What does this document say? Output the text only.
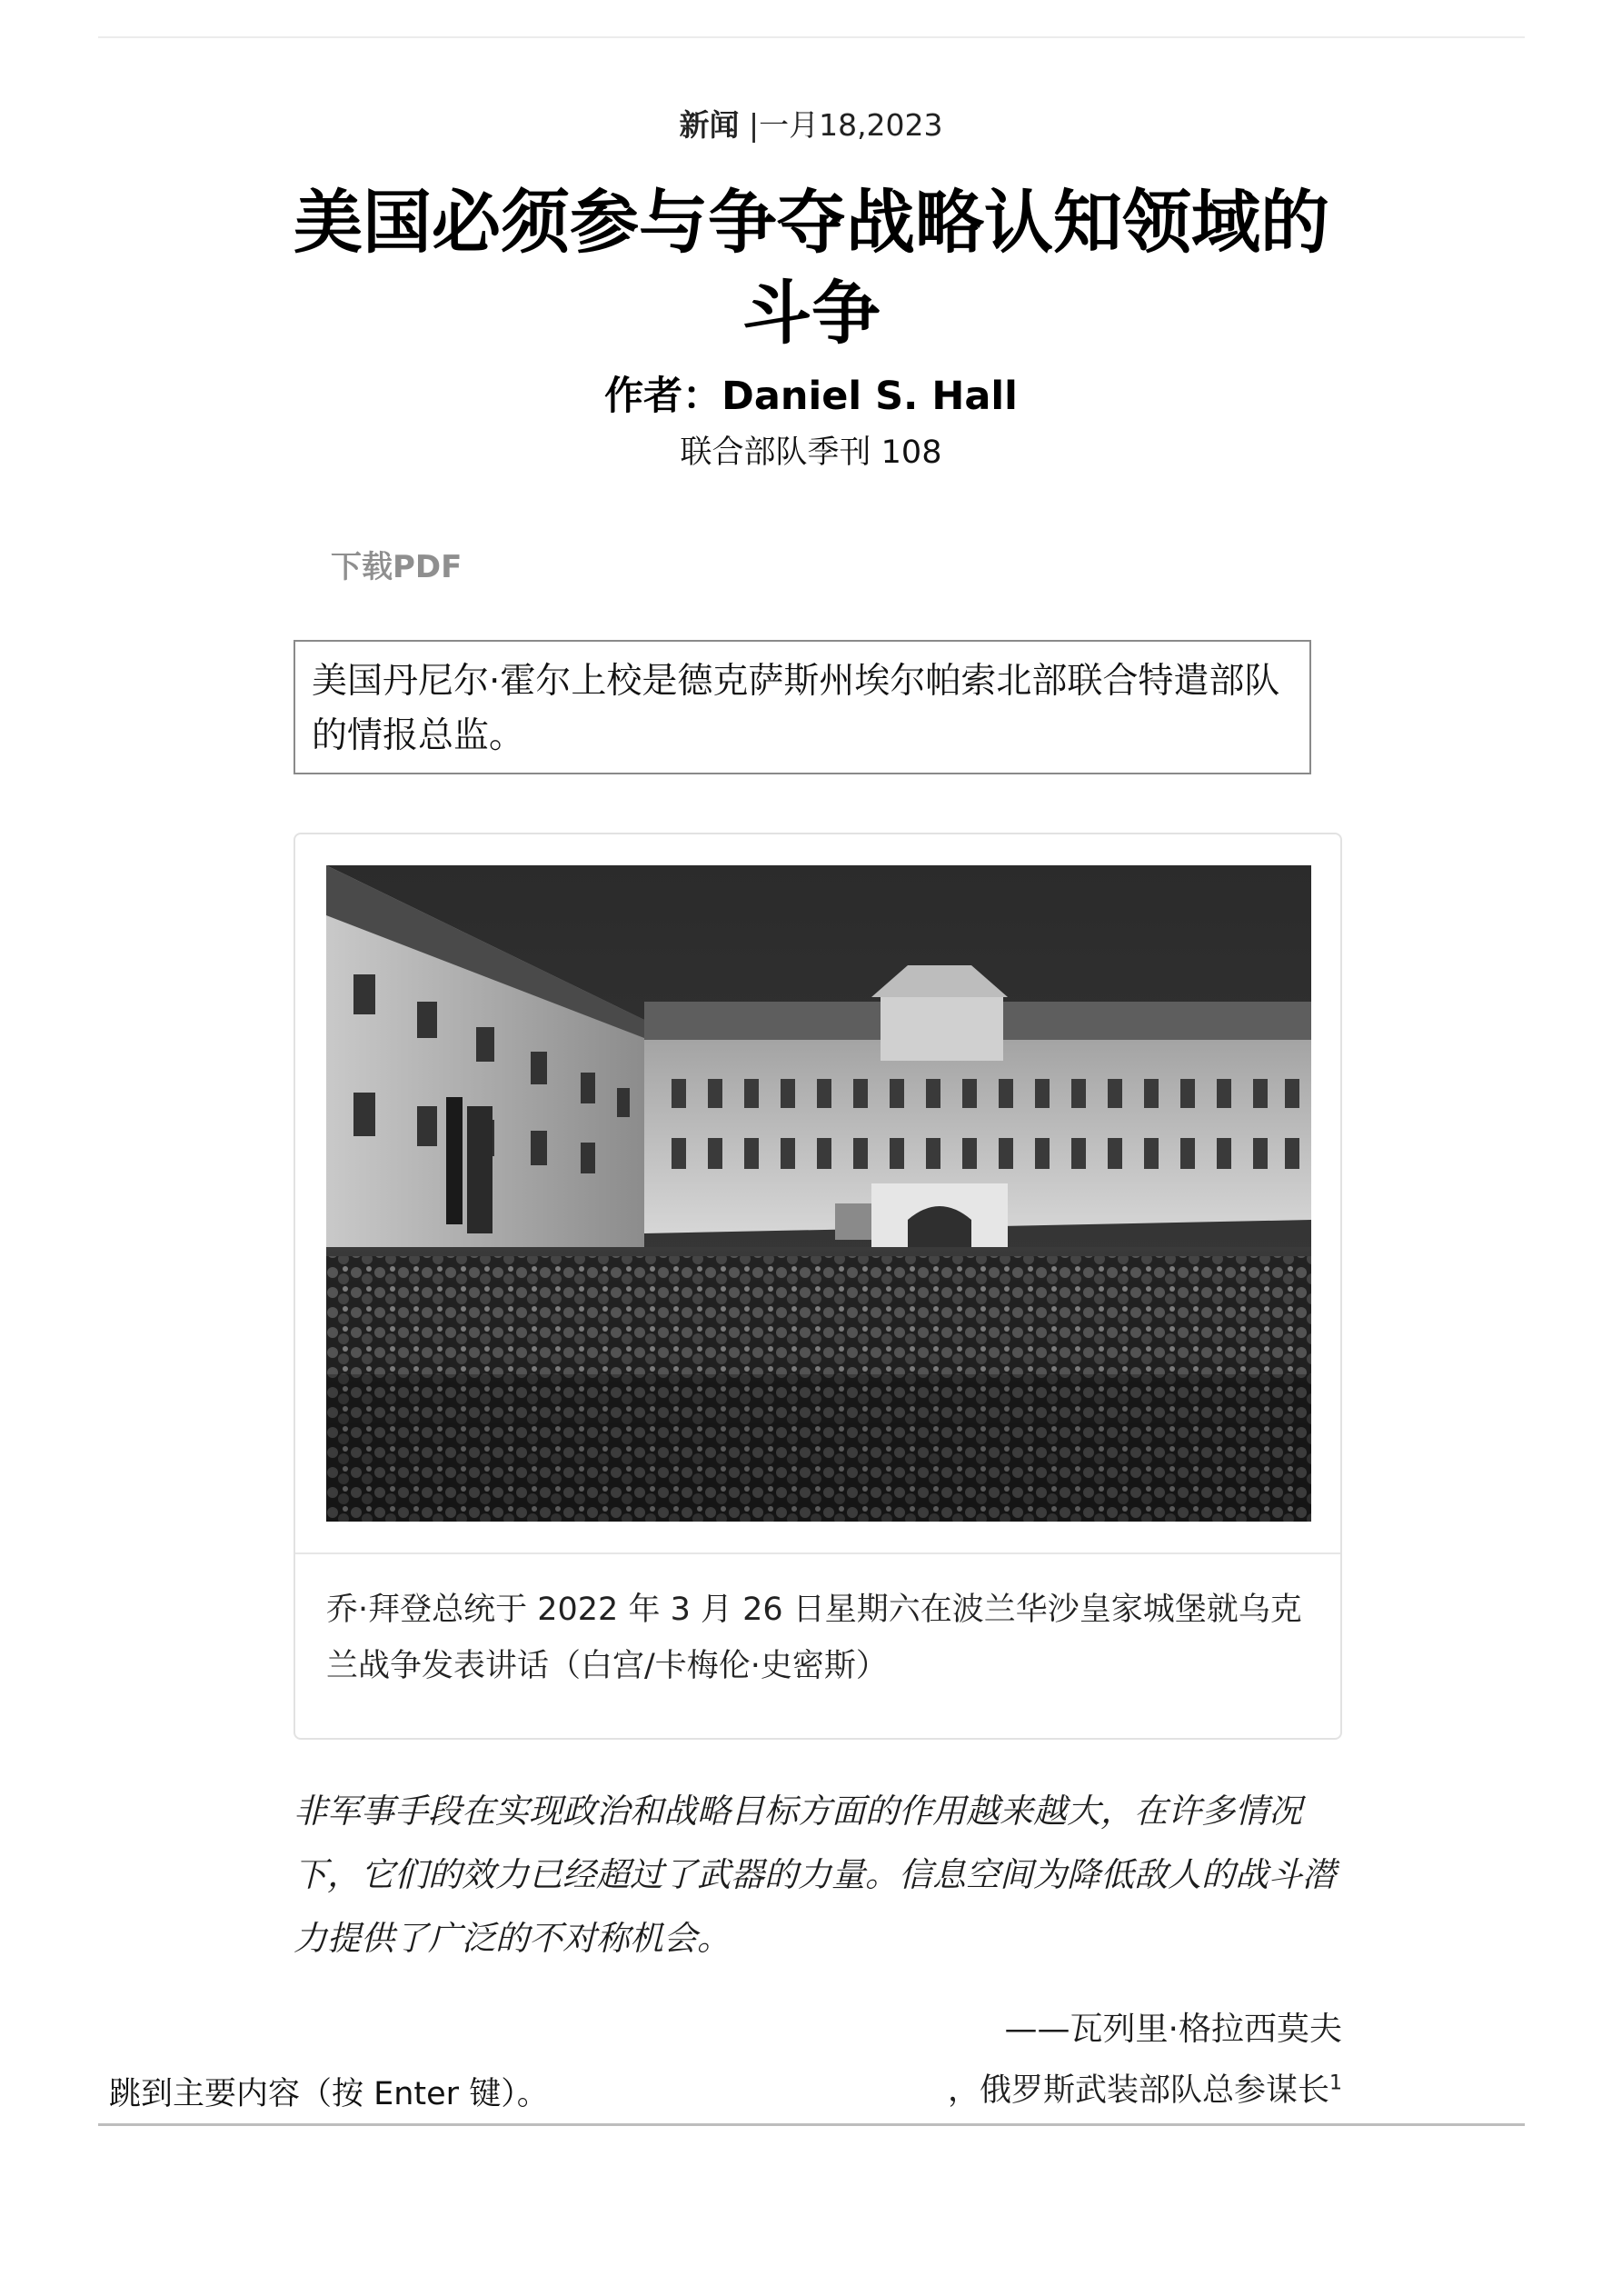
新闻 |一月18,2023
美国必须参与争夺战略认知领域的
斗争
作者：Daniel S. Hall
联合部队季刊 108
下载PDF
美国丹尼尔·霍尔上校是德克萨斯州埃尔帕索北部联合特遣部队的情报总监。

乔·拜登总统于 2022 年 3 月 26 日星期六在波兰华沙皇家城堡就乌克兰战争发表讲话（白宫/卡梅伦·史密斯）

非军事手段在实现政治和战略目标方面的作用越来越大，在许多情况下，它们的效力已经超过了武器的力量。信息空间为降低敌人的战斗潜力提供了广泛的不对称机会。

——瓦列里·格拉西莫夫
，俄罗斯武装部队总参谋长$^1$
跳到主要内容（按 Enter 键）。
